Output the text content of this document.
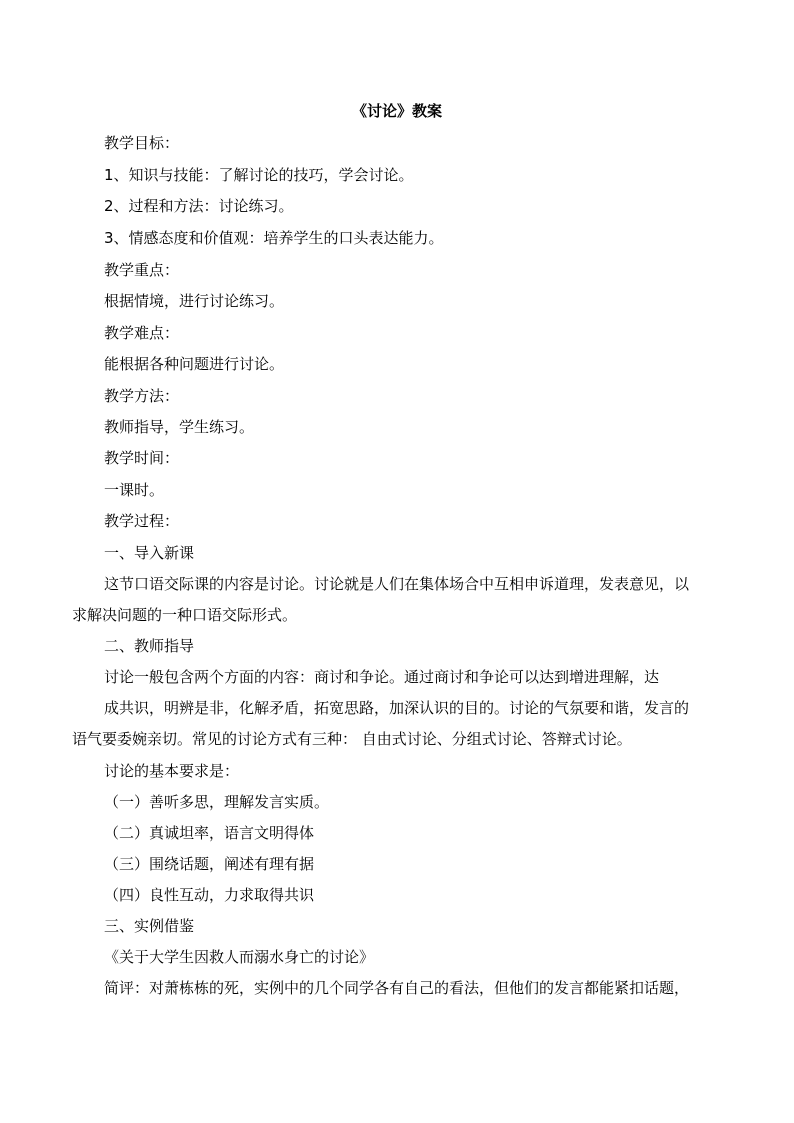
《讨论》教案
教学目标：
1、知识与技能：了解讨论的技巧，学会讨论。
2、过程和方法：讨论练习。
3、情感态度和价值观：培养学生的口头表达能力。
教学重点：
根据情境，进行讨论练习。
教学难点：
能根据各种问题进行讨论。
教学方法：
教师指导，学生练习。
教学时间：
一课时。
教学过程：
一、导入新课
这节口语交际课的内容是讨论。讨论就是人们在集体场合中互相申诉道理，发表意见，以
求解决问题的一种口语交际形式。
二、教师指导
讨论一般包含两个方面的内容：商讨和争论。通过商讨和争论可以达到增进理解，达
成共识，明辨是非，化解矛盾，拓宽思路，加深认识的目的。讨论的气氛要和谐，发言的
语气要委婉亲切。常见的讨论方式有三种： 自由式讨论、分组式讨论、答辩式讨论。
讨论的基本要求是：
（一）善听多思，理解发言实质。
（二）真诚坦率，语言文明得体
（三）围绕话题，阐述有理有据
（四）良性互动，力求取得共识
三、实例借鉴
《关于大学生因救人而溺水身亡的讨论》
简评：对萧栋栋的死，实例中的几个同学各有自己的看法，但他们的发言都能紧扣话题，
